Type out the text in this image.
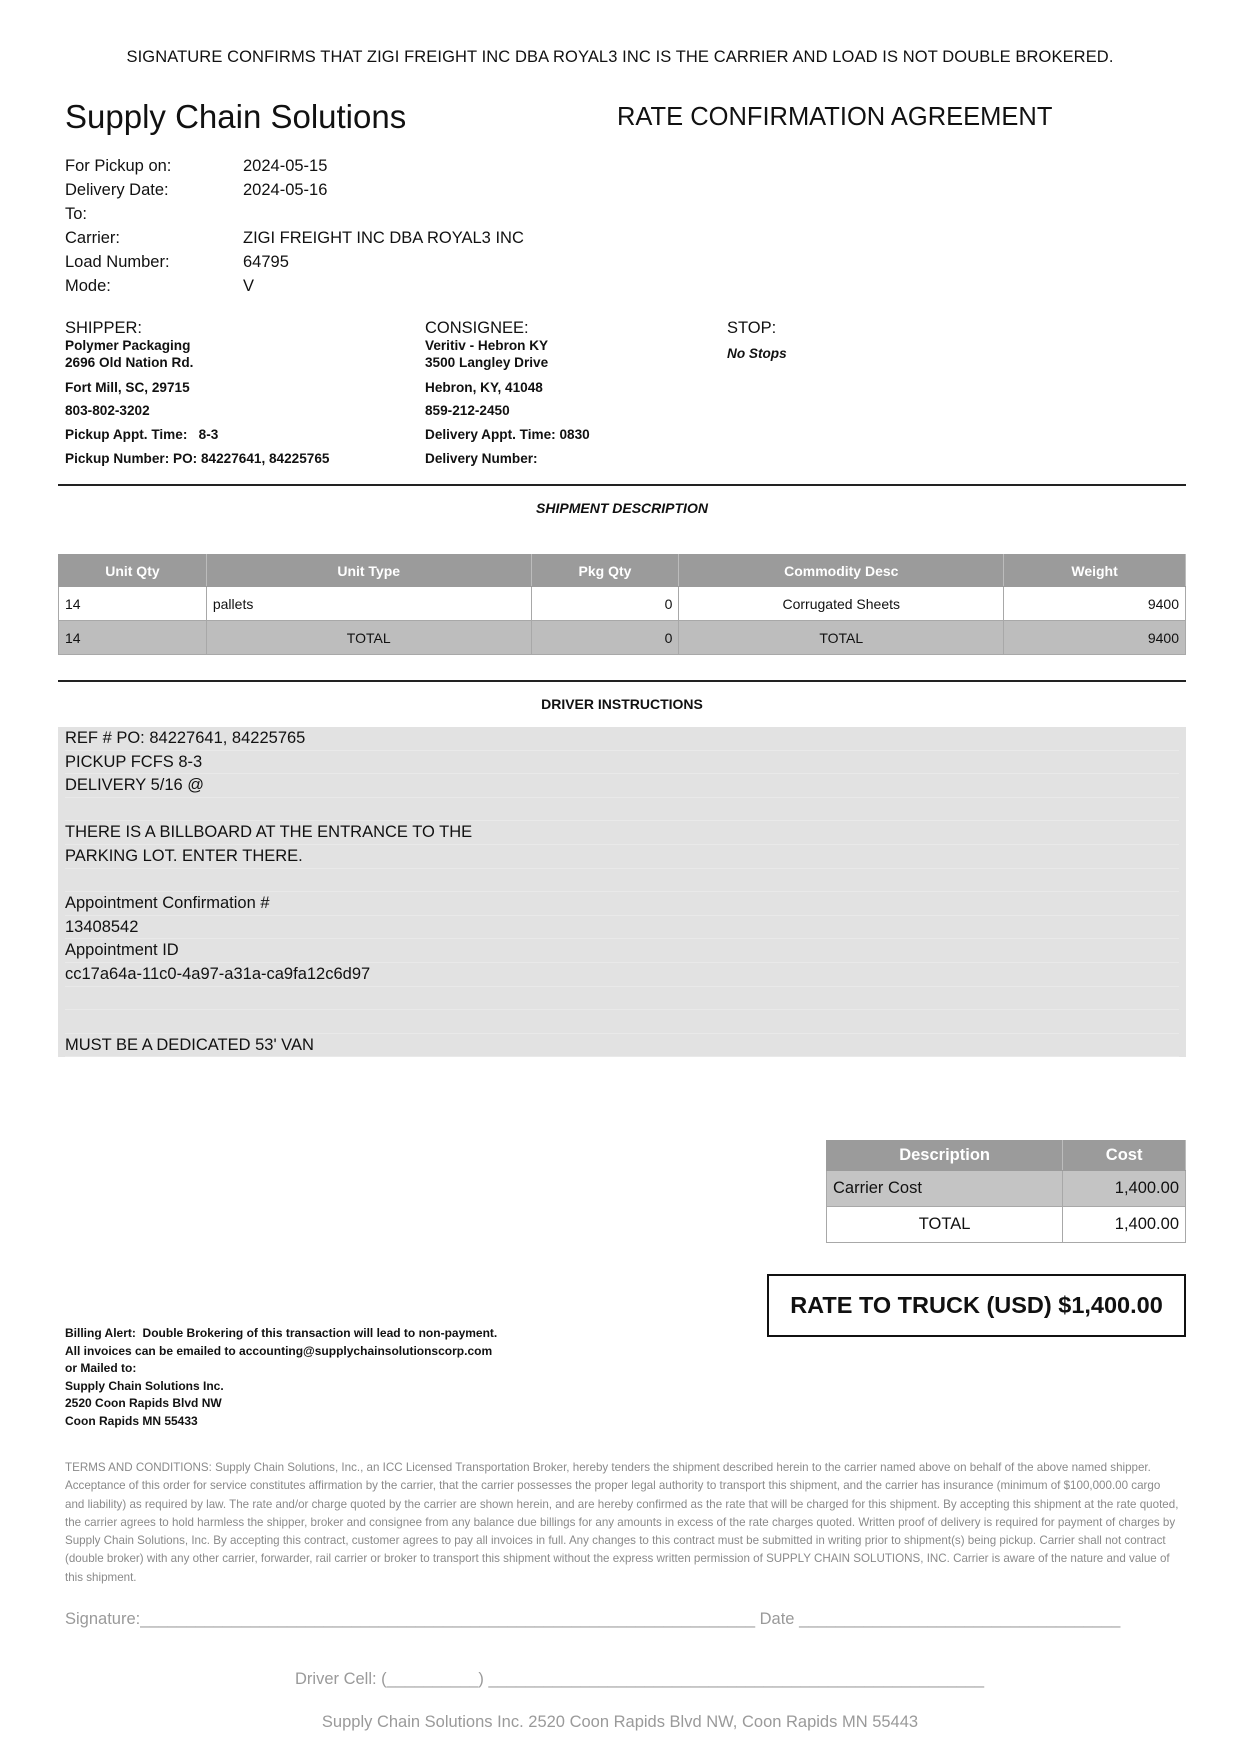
SIGNATURE CONFIRMS THAT ZIGI FREIGHT INC DBA ROYAL3 INC IS THE CARRIER AND LOAD IS NOT DOUBLE BROKERED.
Supply Chain Solutions	RATE CONFIRMATION AGREEMENT
For Pickup on:	2024-05-15
Delivery Date:	2024-05-16
To:
Carrier:	ZIGI FREIGHT INC DBA ROYAL3 INC
Load Number:	64795
Mode:	V
SHIPPER:
Polymer Packaging
2696 Old Nation Rd.
Fort Mill, SC, 29715
803-802-3202
Pickup Appt. Time:   8-3
Pickup Number: PO: 84227641, 84225765
CONSIGNEE:
Veritiv - Hebron KY
3500 Langley Drive
Hebron, KY, 41048
859-212-2450
Delivery Appt. Time: 0830
Delivery Number:
STOP:
No Stops
SHIPMENT DESCRIPTION
Unit Qty	Unit Type	Pkg Qty	Commodity Desc	Weight
14	pallets	0	Corrugated Sheets	9400
14	TOTAL	0	TOTAL	9400
DRIVER INSTRUCTIONS
REF # PO: 84227641, 84225765
PICKUP FCFS 8-3
DELIVERY 5/16 @
THERE IS A BILLBOARD AT THE ENTRANCE TO THE
PARKING LOT. ENTER THERE.
Appointment Confirmation #
13408542
Appointment ID
cc17a64a-11c0-4a97-a31a-ca9fa12c6d97
MUST BE A DEDICATED 53' VAN
Description	Cost
Carrier Cost	1,400.00
TOTAL	1,400.00
RATE TO TRUCK (USD) $1,400.00
Billing Alert:  Double Brokering of this transaction will lead to non-payment.
All invoices can be emailed to accounting@supplychainsolutionscorp.com
or Mailed to:
Supply Chain Solutions Inc.
2520 Coon Rapids Blvd NW
Coon Rapids MN 55433
TERMS AND CONDITIONS: Supply Chain Solutions, Inc., an ICC Licensed Transportation Broker, hereby tenders the shipment described herein to the carrier named above on behalf of the above named shipper. Acceptance of this order for service constitutes affirmation by the carrier, that the carrier possesses the proper legal authority to transport this shipment, and the carrier has insurance (minimum of $100,000.00 cargo and liability) as required by law. The rate and/or charge quoted by the carrier are shown herein, and are hereby confirmed as the rate that will be charged for this shipment. By accepting this shipment at the rate quoted, the carrier agrees to hold harmless the shipper, broker and consignee from any balance due billings for any amounts in excess of the rate charges quoted. Written proof of delivery is required for payment of charges by Supply Chain Solutions, Inc. By accepting this contract, customer agrees to pay all invoices in full. Any changes to this contract must be submitted in writing prior to shipment(s) being pickup. Carrier shall not contract (double broker) with any other carrier, forwarder, rail carrier or broker to transport this shipment without the express written permission of SUPPLY CHAIN SOLUTIONS, INC. Carrier is aware of the nature and value of this shipment.
Signature:___________________________________________________________________ Date ___________________________________
Driver Cell: (__________) ______________________________________________________
Supply Chain Solutions Inc. 2520 Coon Rapids Blvd NW, Coon Rapids MN 55443
